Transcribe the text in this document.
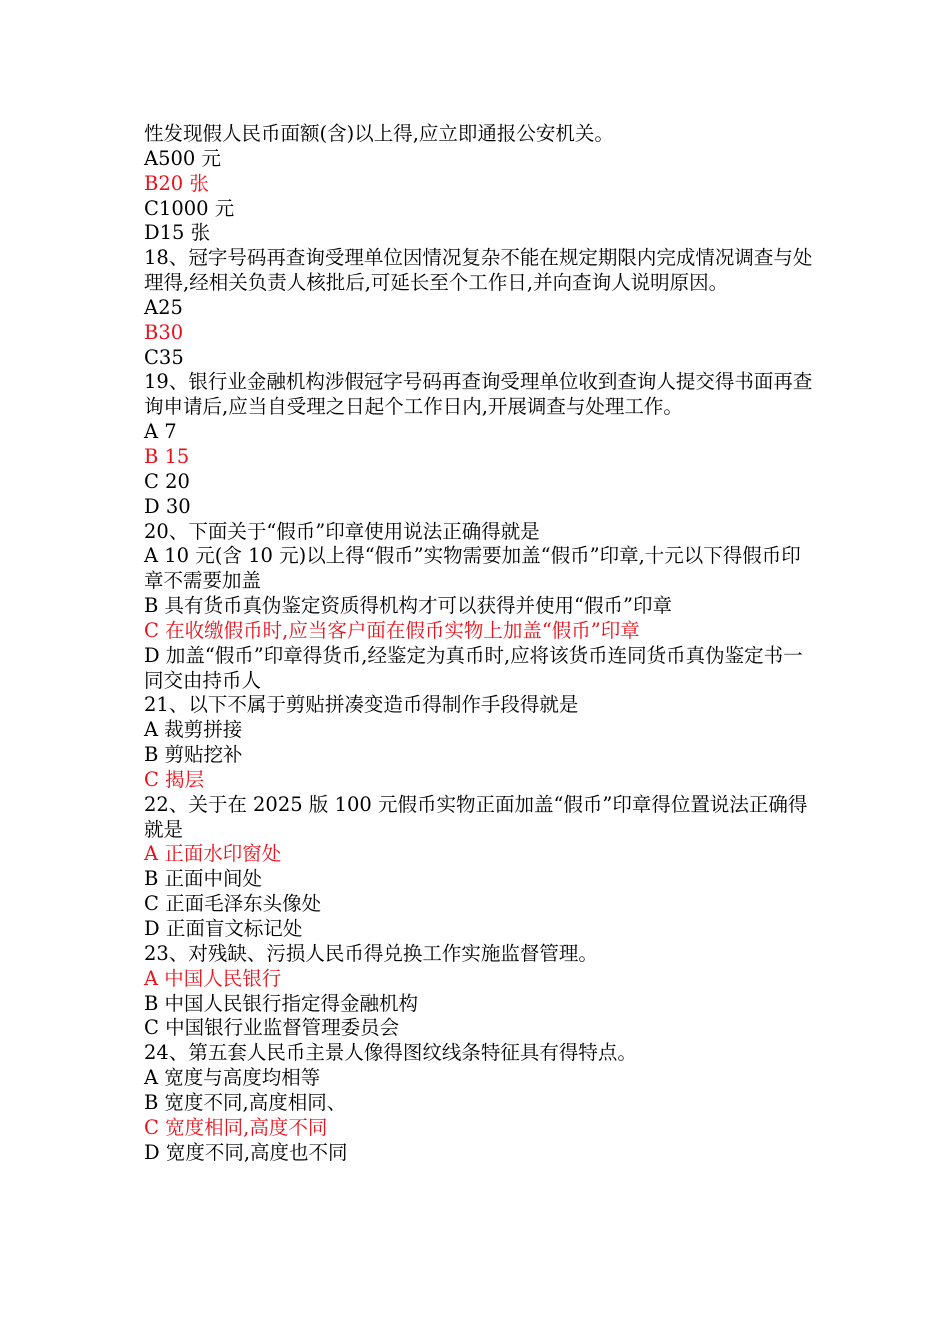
性发现假人民币面额(含)以上得,应立即通报公安机关。

A500 元

B20 张

C1000 元

D15 张

18、冠字号码再查询受理单位因情况复杂不能在规定期限内完成情况调查与处理得,经相关负责人核批后,可延长至个工作日,并向查询人说明原因。

A25

B30

C35

19、银行业金融机构涉假冠字号码再查询受理单位收到查询人提交得书面再查询申请后,应当自受理之日起个工作日内,开展调查与处理工作。

A 7

B 15

C 20

D 30

20、下面关于“假币”印章使用说法正确得就是

A 10 元(含 10 元)以上得“假币”实物需要加盖“假币”印章,十元以下得假币印章不需要加盖

B 具有货币真伪鉴定资质得机构才可以获得并使用“假币”印章

C 在收缴假币时,应当客户面在假币实物上加盖“假币”印章

D 加盖“假币”印章得货币,经鉴定为真币时,应将该货币连同货币真伪鉴定书一同交由持币人

21、以下不属于剪贴拼凑变造币得制作手段得就是

A 裁剪拼接

B 剪贴挖补

C 揭层

22、关于在 2025 版 100 元假币实物正面加盖“假币”印章得位置说法正确得就是

A 正面水印窗处

B 正面中间处

C 正面毛泽东头像处

D 正面盲文标记处

23、对残缺、污损人民币得兑换工作实施监督管理。

A 中国人民银行

B 中国人民银行指定得金融机构

C 中国银行业监督管理委员会

24、第五套人民币主景人像得图纹线条特征具有得特点。

A 宽度与高度均相等

B 宽度不同,高度相同、

C 宽度相同,高度不同

D 宽度不同,高度也不同
